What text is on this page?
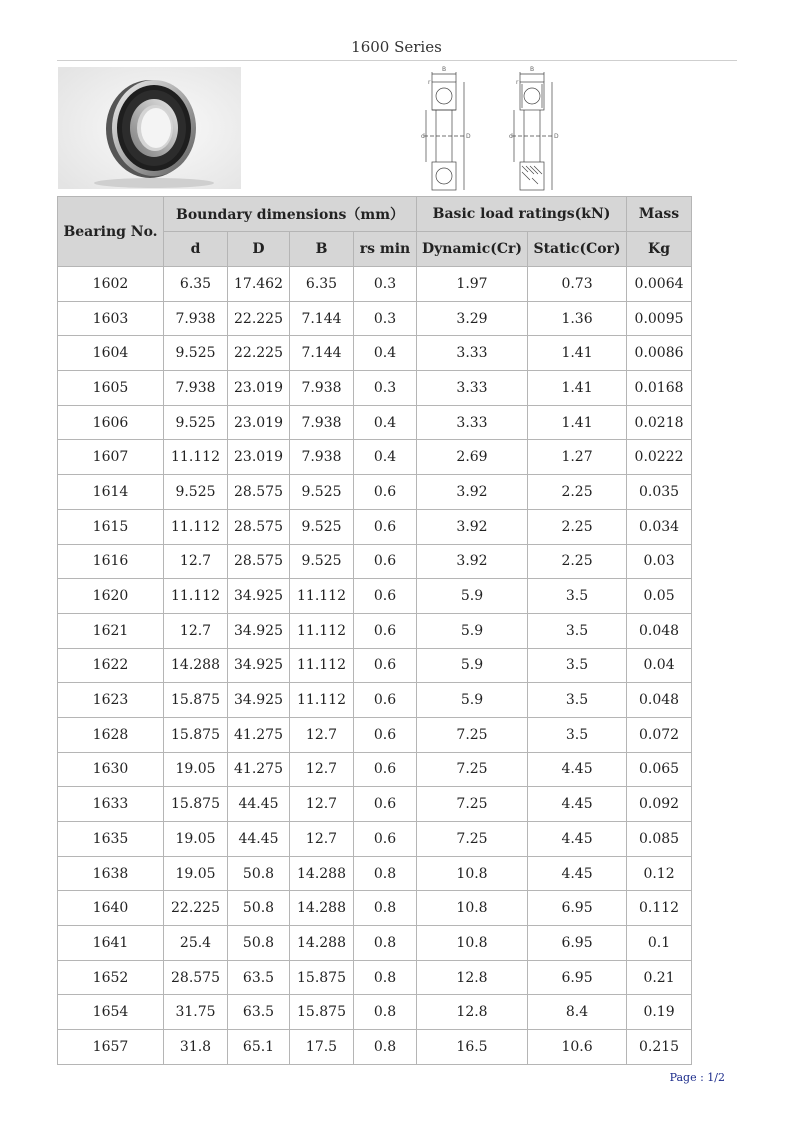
1600 Series
B
d	D
r
B
d	D
r
Bearing No.	Boundary dimensions（mm）				Basic load ratings(kN)		Mass
	d	D	B	rs min	Dynamic(Cr)	Static(Cor)	Kg
1602	6.35	17.462	6.35	0.3	1.97	0.73	0.0064
1603	7.938	22.225	7.144	0.3	3.29	1.36	0.0095
1604	9.525	22.225	7.144	0.4	3.33	1.41	0.0086
1605	7.938	23.019	7.938	0.3	3.33	1.41	0.0168
1606	9.525	23.019	7.938	0.4	3.33	1.41	0.0218
1607	11.112	23.019	7.938	0.4	2.69	1.27	0.0222
1614	9.525	28.575	9.525	0.6	3.92	2.25	0.035
1615	11.112	28.575	9.525	0.6	3.92	2.25	0.034
1616	12.7	28.575	9.525	0.6	3.92	2.25	0.03
1620	11.112	34.925	11.112	0.6	5.9	3.5	0.05
1621	12.7	34.925	11.112	0.6	5.9	3.5	0.048
1622	14.288	34.925	11.112	0.6	5.9	3.5	0.04
1623	15.875	34.925	11.112	0.6	5.9	3.5	0.048
1628	15.875	41.275	12.7	0.6	7.25	3.5	0.072
1630	19.05	41.275	12.7	0.6	7.25	4.45	0.065
1633	15.875	44.45	12.7	0.6	7.25	4.45	0.092
1635	19.05	44.45	12.7	0.6	7.25	4.45	0.085
1638	19.05	50.8	14.288	0.8	10.8	4.45	0.12
1640	22.225	50.8	14.288	0.8	10.8	6.95	0.112
1641	25.4	50.8	14.288	0.8	10.8	6.95	0.1
1652	28.575	63.5	15.875	0.8	12.8	6.95	0.21
1654	31.75	63.5	15.875	0.8	12.8	8.4	0.19
1657	31.8	65.1	17.5	0.8	16.5	10.6	0.215
Page : 1/2
